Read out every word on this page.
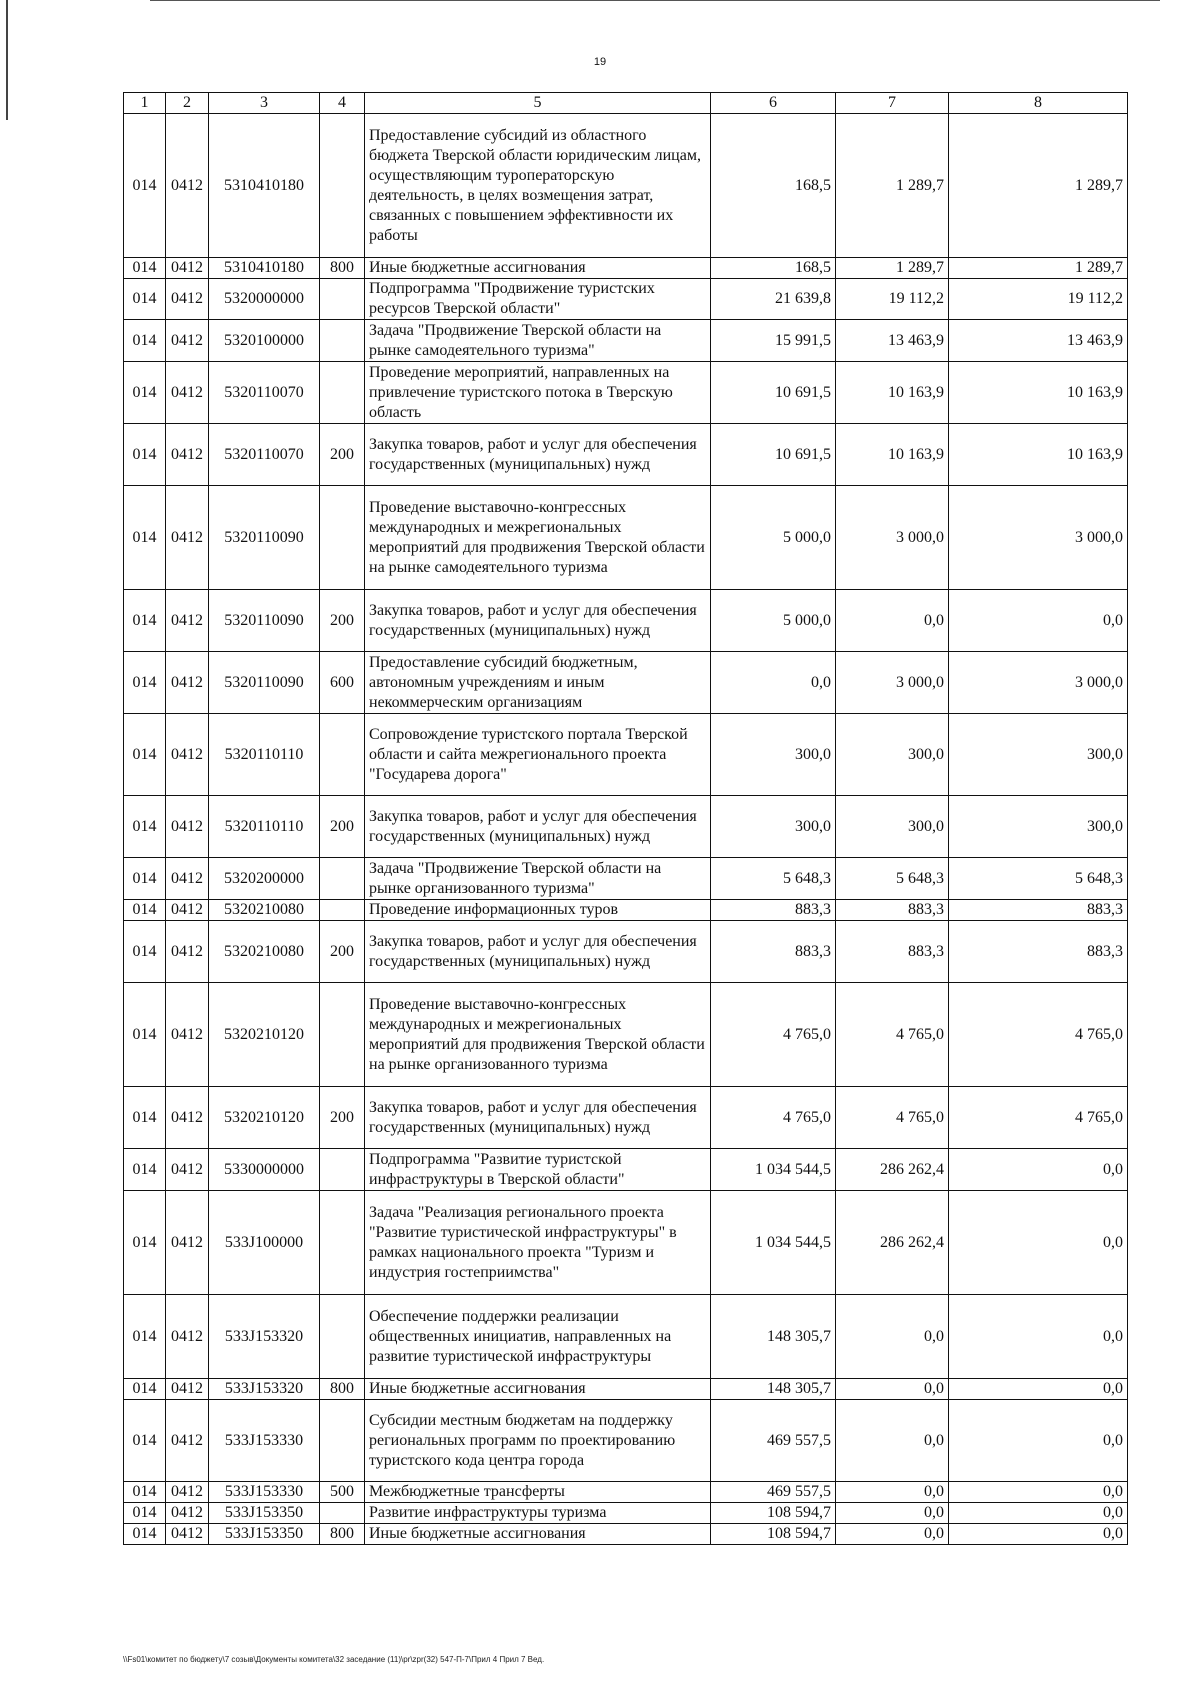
19
1	2	3	4	5	6	7	8
014	0412	5310410180		Предоставление субсидий из областного бюджета Тверской области юридическим лицам, осуществляющим туроператорскую деятельность, в целях возмещения затрат, связанных с повышением эффективности их работы	168,5	1 289,7	1 289,7
014	0412	5310410180	800	Иные бюджетные ассигнования	168,5	1 289,7	1 289,7
014	0412	5320000000		Подпрограмма "Продвижение туристских ресурсов Тверской области"	21 639,8	19 112,2	19 112,2
014	0412	5320100000		Задача "Продвижение Тверской области на рынке самодеятельного туризма"	15 991,5	13 463,9	13 463,9
014	0412	5320110070		Проведение мероприятий, направленных на привлечение туристского потока в Тверскую область	10 691,5	10 163,9	10 163,9
014	0412	5320110070	200	Закупка товаров, работ и услуг для обеспечения государственных (муниципальных) нужд	10 691,5	10 163,9	10 163,9
014	0412	5320110090		Проведение выставочно-конгрессных международных и межрегиональных мероприятий для продвижения Тверской области на рынке самодеятельного туризма	5 000,0	3 000,0	3 000,0
014	0412	5320110090	200	Закупка товаров, работ и услуг для обеспечения государственных (муниципальных) нужд	5 000,0	0,0	0,0
014	0412	5320110090	600	Предоставление субсидий бюджетным, автономным учреждениям и иным некоммерческим организациям	0,0	3 000,0	3 000,0
014	0412	5320110110		Сопровождение туристского портала Тверской области и сайта межрегионального проекта "Государева дорога"	300,0	300,0	300,0
014	0412	5320110110	200	Закупка товаров, работ и услуг для обеспечения государственных (муниципальных) нужд	300,0	300,0	300,0
014	0412	5320200000		Задача "Продвижение Тверской области на рынке организованного туризма"	5 648,3	5 648,3	5 648,3
014	0412	5320210080		Проведение информационных туров	883,3	883,3	883,3
014	0412	5320210080	200	Закупка товаров, работ и услуг для обеспечения государственных (муниципальных) нужд	883,3	883,3	883,3
014	0412	5320210120		Проведение выставочно-конгрессных международных и межрегиональных мероприятий для продвижения Тверской области на рынке организованного туризма	4 765,0	4 765,0	4 765,0
014	0412	5320210120	200	Закупка товаров, работ и услуг для обеспечения государственных (муниципальных) нужд	4 765,0	4 765,0	4 765,0
014	0412	5330000000		Подпрограмма "Развитие туристской инфраструктуры в Тверской области"	1 034 544,5	286 262,4	0,0
014	0412	533J100000		Задача "Реализация регионального проекта "Развитие туристической инфраструктуры" в рамках национального проекта "Туризм и индустрия гостеприимства"	1 034 544,5	286 262,4	0,0
014	0412	533J153320		Обеспечение поддержки реализации общественных инициатив, направленных на развитие туристической инфраструктуры	148 305,7	0,0	0,0
014	0412	533J153320	800	Иные бюджетные ассигнования	148 305,7	0,0	0,0
014	0412	533J153330		Субсидии местным бюджетам на поддержку региональных программ по проектированию туристского кода центра города	469 557,5	0,0	0,0
014	0412	533J153330	500	Межбюджетные трансферты	469 557,5	0,0	0,0
014	0412	533J153350		Развитие инфраструктуры туризма	108 594,7	0,0	0,0
014	0412	533J153350	800	Иные бюджетные ассигнования	108 594,7	0,0	0,0
\\Fs01\комитет по бюджету\7 созыв\Документы комитета\32 заседание (11)\pr\zpr(32) 547-П-7\Прил 4 Прил 7 Вед.
